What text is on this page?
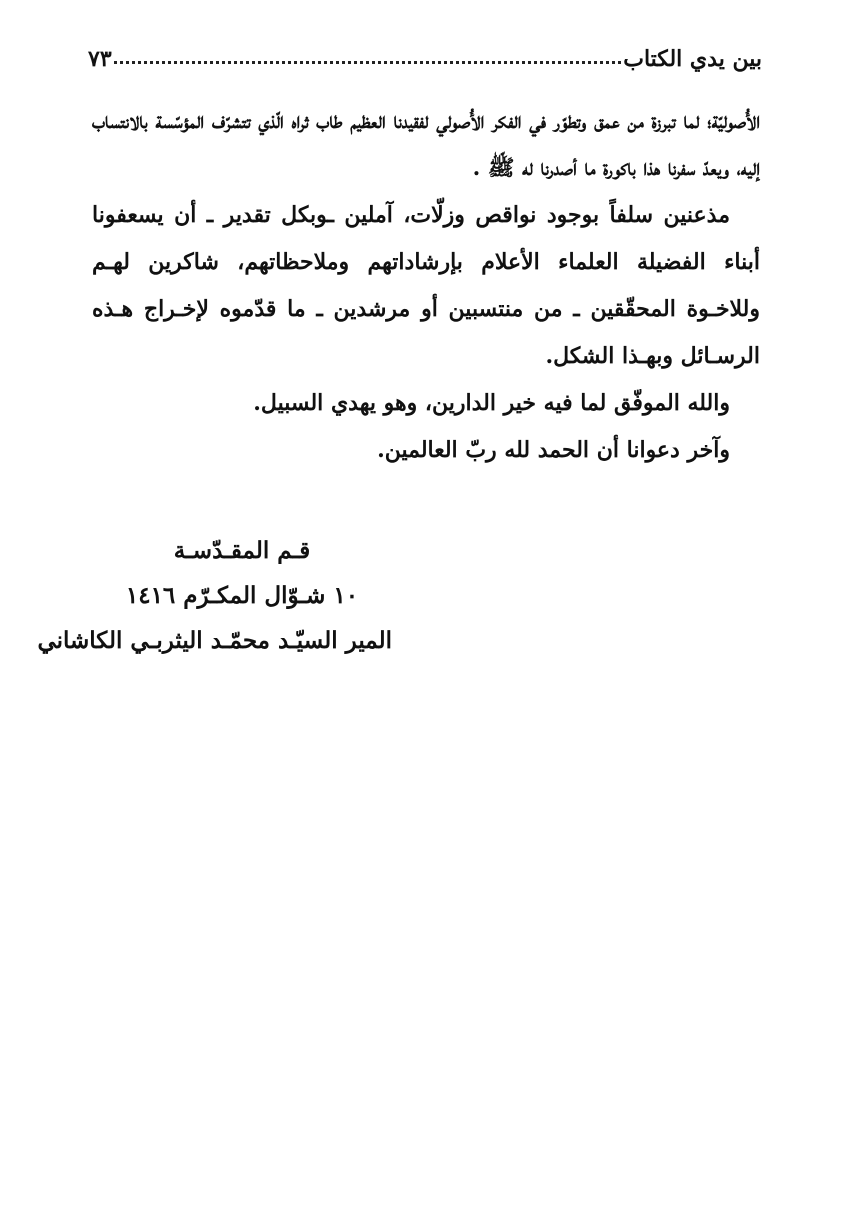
بين يدي الكتاب
٧٣

الأُصوليّة؛ لما تبرزة من عمق وتطوّر في الفكر الأُصولي لفقيدنا العظيم طاب ثراه الّذي تتشرّف المؤسّسة بالانتساب إليه، ويعدّ سفرنا هذا باكورة ما أصدرنا له ﷺ .

مذعنين سلفاً بوجود نواقص وزلّات، آملين ـوبكل تقدير ـ أن يسعفونا أبناء الفضيلة العلماء الأعلام بإرشاداتهم وملاحظاتهم، شاكرين لهـم وللاخـوة المحقّقين ـ من منتسبين أو مرشدين ـ ما قدّموه لإخـراج هـذه الرسـائل وبهـذا الشكل.

والله الموفّق لما فيه خير الدارين، وهو يهدي السبيل.

وآخر دعوانا أن الحمد لله ربّ العالمين.

قـم المقـدّسـة
١٠ شـوّال المكـرّم ١٤١٦
المير السيّـد محمّـد اليثربـي الكاشاني
